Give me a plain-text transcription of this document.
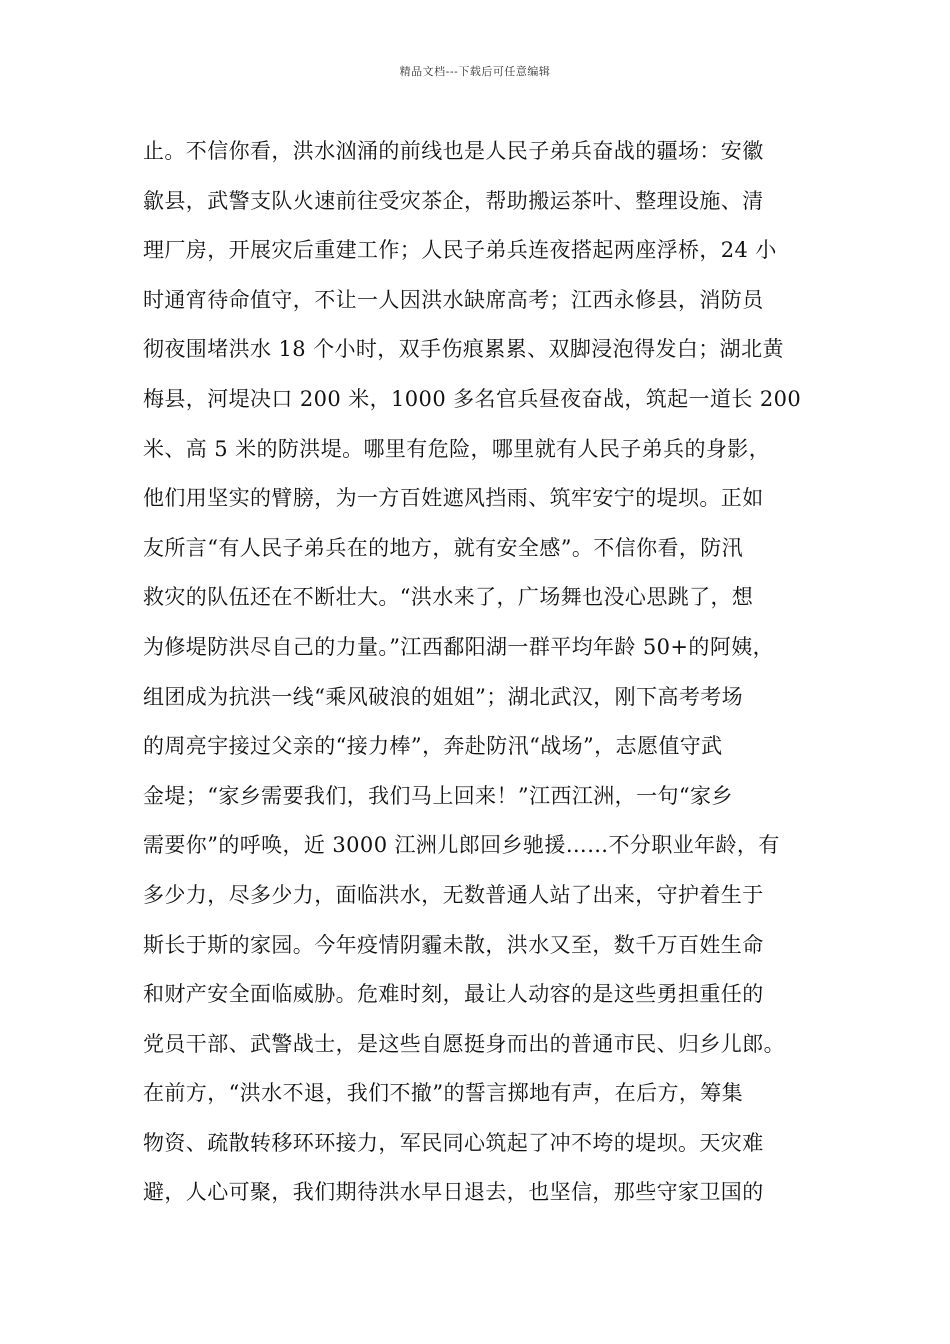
精品文档---下载后可任意编辑
止。不信你看，洪水汹涌的前线也是人民子弟兵奋战的疆场：安徽
歙县，武警支队火速前往受灾茶企，帮助搬运茶叶、整理设施、清
理厂房，开展灾后重建工作；人民子弟兵连夜搭起两座浮桥，24 小
时通宵待命值守，不让一人因洪水缺席高考；江西永修县，消防员
彻夜围堵洪水 18 个小时，双手伤痕累累、双脚浸泡得发白；湖北黄
梅县，河堤决口 200 米，1000 多名官兵昼夜奋战，筑起一道长 200
米、高 5 米的防洪堤。哪里有危险，哪里就有人民子弟兵的身影，
他们用坚实的臂膀，为一方百姓遮风挡雨、筑牢安宁的堤坝。正如
友所言“有人民子弟兵在的地方，就有安全感”。不信你看，防汛
救灾的队伍还在不断壮大。“洪水来了，广场舞也没心思跳了，想
为修堤防洪尽自己的力量。”江西鄱阳湖一群平均年龄 50+的阿姨，
组团成为抗洪一线“乘风破浪的姐姐”；湖北武汉，刚下高考考场
的周亮宇接过父亲的“接力棒”，奔赴防汛“战场”，志愿值守武
金堤；“家乡需要我们，我们马上回来！”江西江洲，一句“家乡
需要你”的呼唤，近 3000 江洲儿郎回乡驰援……不分职业年龄，有
多少力，尽多少力，面临洪水，无数普通人站了出来，守护着生于
斯长于斯的家园。今年疫情阴霾未散，洪水又至，数千万百姓生命
和财产安全面临威胁。危难时刻，最让人动容的是这些勇担重任的
党员干部、武警战士，是这些自愿挺身而出的普通市民、归乡儿郎。
在前方，“洪水不退，我们不撤”的誓言掷地有声，在后方，筹集
物资、疏散转移环环接力，军民同心筑起了冲不垮的堤坝。天灾难
避，人心可聚，我们期待洪水早日退去，也坚信，那些守家卫国的
